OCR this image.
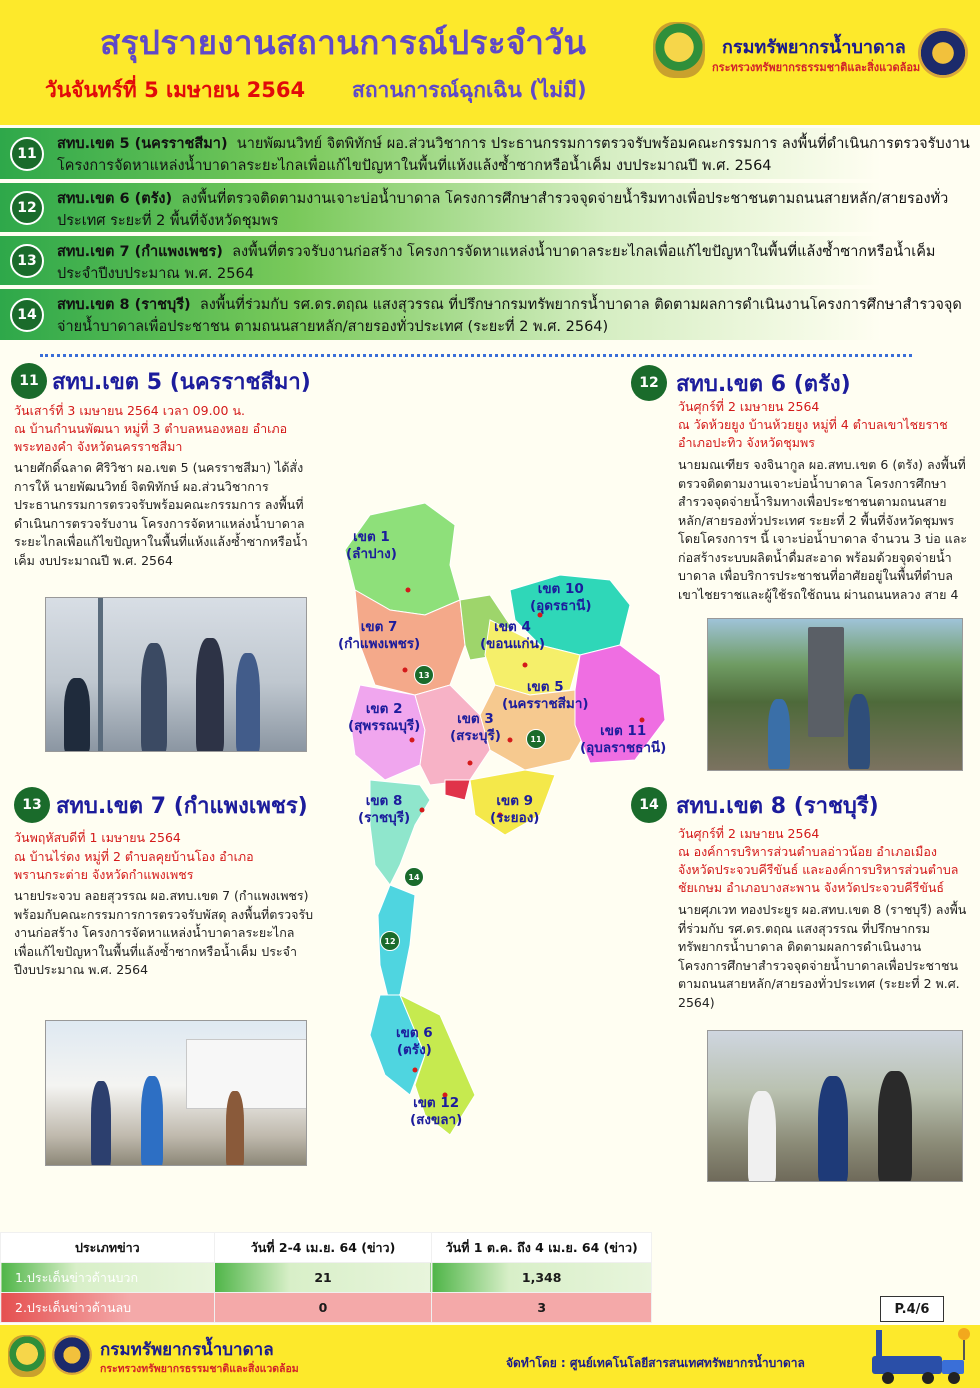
สรุปรายงานสถานการณ์ประจำวัน
วันจันทร์ที่ 5 เมษายน 2564 สถานการณ์ฉุกเฉิน (ไม่มี)
กรมทรัพยากรน้ำบาดาล
กระทรวงทรัพยากรธรรมชาติและสิ่งแวดล้อม
11
สทบ.เขต 5 (นครราชสีมา) นายพัฒนวิทย์ จิตพิทักษ์ ผอ.ส่วนวิชาการ ประธานกรรมการตรวจรับพร้อมคณะกรรมการ ลงพื้นที่ดำเนินการตรวจรับงาน โครงการจัดหาแหล่งน้ำบาดาลระยะไกลเพื่อแก้ไขปัญหาในพื้นที่แห้งแล้งซ้ำซากหรือน้ำเค็ม งบประมาณปี พ.ศ. 2564
12
สทบ.เขต 6 (ตรัง) ลงพื้นที่ตรวจติดตามงานเจาะบ่อน้ำบาดาล โครงการศึกษาสำรวจจุดจ่ายน้ำริมทางเพื่อประชาชนตามถนนสายหลัก/สายรองทั่วประเทศ ระยะที่ 2 พื้นที่จังหวัดชุมพร
13
สทบ.เขต 7 (กำแพงเพชร) ลงพื้นที่ตรวจรับงานก่อสร้าง โครงการจัดหาแหล่งน้ำบาดาลระยะไกลเพื่อแก้ไขปัญหาในพื้นที่แล้งซ้ำซากหรือน้ำเค็ม ประจำปีงบประมาณ พ.ศ. 2564
14
สทบ.เขต 8 (ราชบุรี) ลงพื้นที่ร่วมกับ รศ.ดร.ตฤณ แสงสุวรรณ ที่ปรึกษากรมทรัพยากรน้ำบาดาล ติดตามผลการดำเนินงานโครงการศึกษาสำรวจจุดจ่ายน้ำบาดาลเพื่อประชาชน ตามถนนสายหลัก/สายรองทั่วประเทศ (ระยะที่ 2 พ.ศ. 2564)
11 สทบ.เขต 5 (นครราชสีมา)
วันเสาร์ที่ 3 เมษายน 2564 เวลา 09.00 น.
ณ บ้านกำนนพัฒนา หมู่ที่ 3 ตำบลหนองหอย อำเภอพระทองคำ จังหวัดนครราชสีมา
นายศักดิ์ฉลาด ศิริวิชา ผอ.เขต 5 (นครราชสีมา) ได้สั่งการให้ นายพัฒนวิทย์ จิตพิทักษ์ ผอ.ส่วนวิชาการ ประธานกรรมการตรวจรับพร้อมคณะกรรมการ ลงพื้นที่ดำเนินการตรวจรับงาน โครงการจัดหาแหล่งน้ำบาดาลระยะไกลเพื่อแก้ไขปัญหาในพื้นที่แห้งแล้งซ้ำซากหรือน้ำเค็ม งบประมาณปี พ.ศ. 2564
12 สทบ.เขต 6 (ตรัง)
วันศุกร์ที่ 2 เมษายน 2564
ณ วัดห้วยยูง บ้านห้วยยูง หมู่ที่ 4 ตำบลเขาไชยราช อำเภอปะทิว จังหวัดชุมพร
นายมณเฑียร จงจินากูล ผอ.สทบ.เขต 6 (ตรัง) ลงพื้นที่ตรวจติดตามงานเจาะบ่อน้ำบาดาล โครงการศึกษาสำรวจจุดจ่ายน้ำริมทางเพื่อประชาชนตามถนนสายหลัก/สายรองทั่วประเทศ ระยะที่ 2 พื้นที่จังหวัดชุมพร โดยโครงการฯ นี้ เจาะบ่อน้ำบาดาล จำนวน 3 บ่อ และก่อสร้างระบบผลิตน้ำดื่มสะอาด พร้อมด้วยจุดจ่ายน้ำบาดาล เพื่อบริการประชาชนที่อาศัยอยู่ในพื้นที่ตำบลเขาไชยราชและผู้ใช้รถใช้ถนน ผ่านถนนหลวง สาย 4
13 สทบ.เขต 7 (กำแพงเพชร)
วันพฤหัสบดีที่ 1 เมษายน 2564
ณ บ้านไร่ดง หมู่ที่ 2 ตำบลคุยบ้านโอง อำเภอพรานกระต่าย จังหวัดกำแพงเพชร
นายประจวบ ลอยสุวรรณ ผอ.สทบ.เขต 7 (กำแพงเพชร) พร้อมกับคณะกรรมการการตรวจรับพัสดุ ลงพื้นที่ตรวจรับงานก่อสร้าง โครงการจัดหาแหล่งน้ำบาดาลระยะไกลเพื่อแก้ไขปัญหาในพื้นที่แล้งซ้ำซากหรือน้ำเค็ม ประจำปีงบประมาณ พ.ศ. 2564
14 สทบ.เขต 8 (ราชบุรี)
วันศุกร์ที่ 2 เมษายน 2564
ณ องค์การบริหารส่วนตำบลอ่าวน้อย อำเภอเมืองจังหวัดประจวบคีรีขันธ์ และองค์การบริหารส่วนตำบลชัยเกษม อำเภอบางสะพาน จังหวัดประจวบคีรีขันธ์
นายศุภเวท ทองประยูร ผอ.สทบ.เขต 8 (ราชบุรี) ลงพื้นที่ร่วมกับ รศ.ดร.ตฤณ แสงสุวรรณ ที่ปรึกษากรมทรัพยากรน้ำบาดาล ติดตามผลการดำเนินงานโครงการศึกษาสำรวจจุดจ่ายน้ำบาดาลเพื่อประชาชนตามถนนสายหลัก/สายรองทั่วประเทศ (ระยะที่ 2 พ.ศ. 2564)
เขต 1
(ลำปาง)
เขต 10
(อุดรธานี)
เขต 7
(กำแพงเพชร)
เขต 4
(ขอนแก่น)
เขต 5
(นครราชสีมา)
เขต 2
(สุพรรณบุรี)	เขต 3
(สระบุรี)	เขต 11
(อุบลราชธานี)
เขต 8
(ราชบุรี)
เขต 9
(ระยอง)
เขต 6
(ตรัง)
เขต 12
(สงขลา)
13
11
14
12
ประเภทข่าว	วันที่ 2-4 เม.ย. 64 (ข่าว)	วันที่ 1 ต.ค. ถึง 4 เม.ย. 64 (ข่าว)
1.ประเด็นข่าวด้านบวก	21	1,348
2.ประเด็นข่าวด้านลบ	0	3	P.4/6
กรมทรัพยากรน้ำบาดาล
กระทรวงทรัพยากรธรรมชาติและสิ่งแวดล้อม	จัดทำโดย : ศูนย์เทคโนโลยีสารสนเทศทรัพยากรน้ำบาดาล
